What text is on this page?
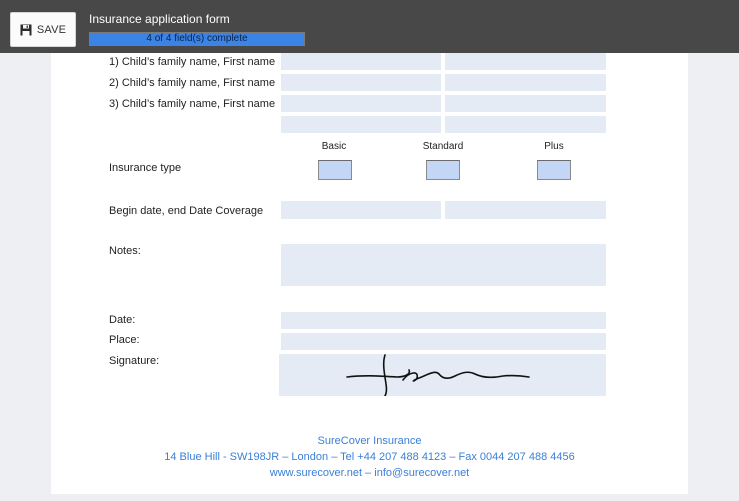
SAVE
Insurance application form
4 of 4 field(s) complete
1) Child’s family name, First name
2) Child’s family name, First name
3) Child’s family name, First name
Basic	Standard	Plus
Insurance type
Begin date, end Date Coverage
Notes:
Date:
Place:
Signature:
SureCover Insurance
14 Blue Hill - SW198JR – London – Tel +44 207 488 4123 – Fax 0044 207 488 4456
www.surecover.net – info@surecover.net
